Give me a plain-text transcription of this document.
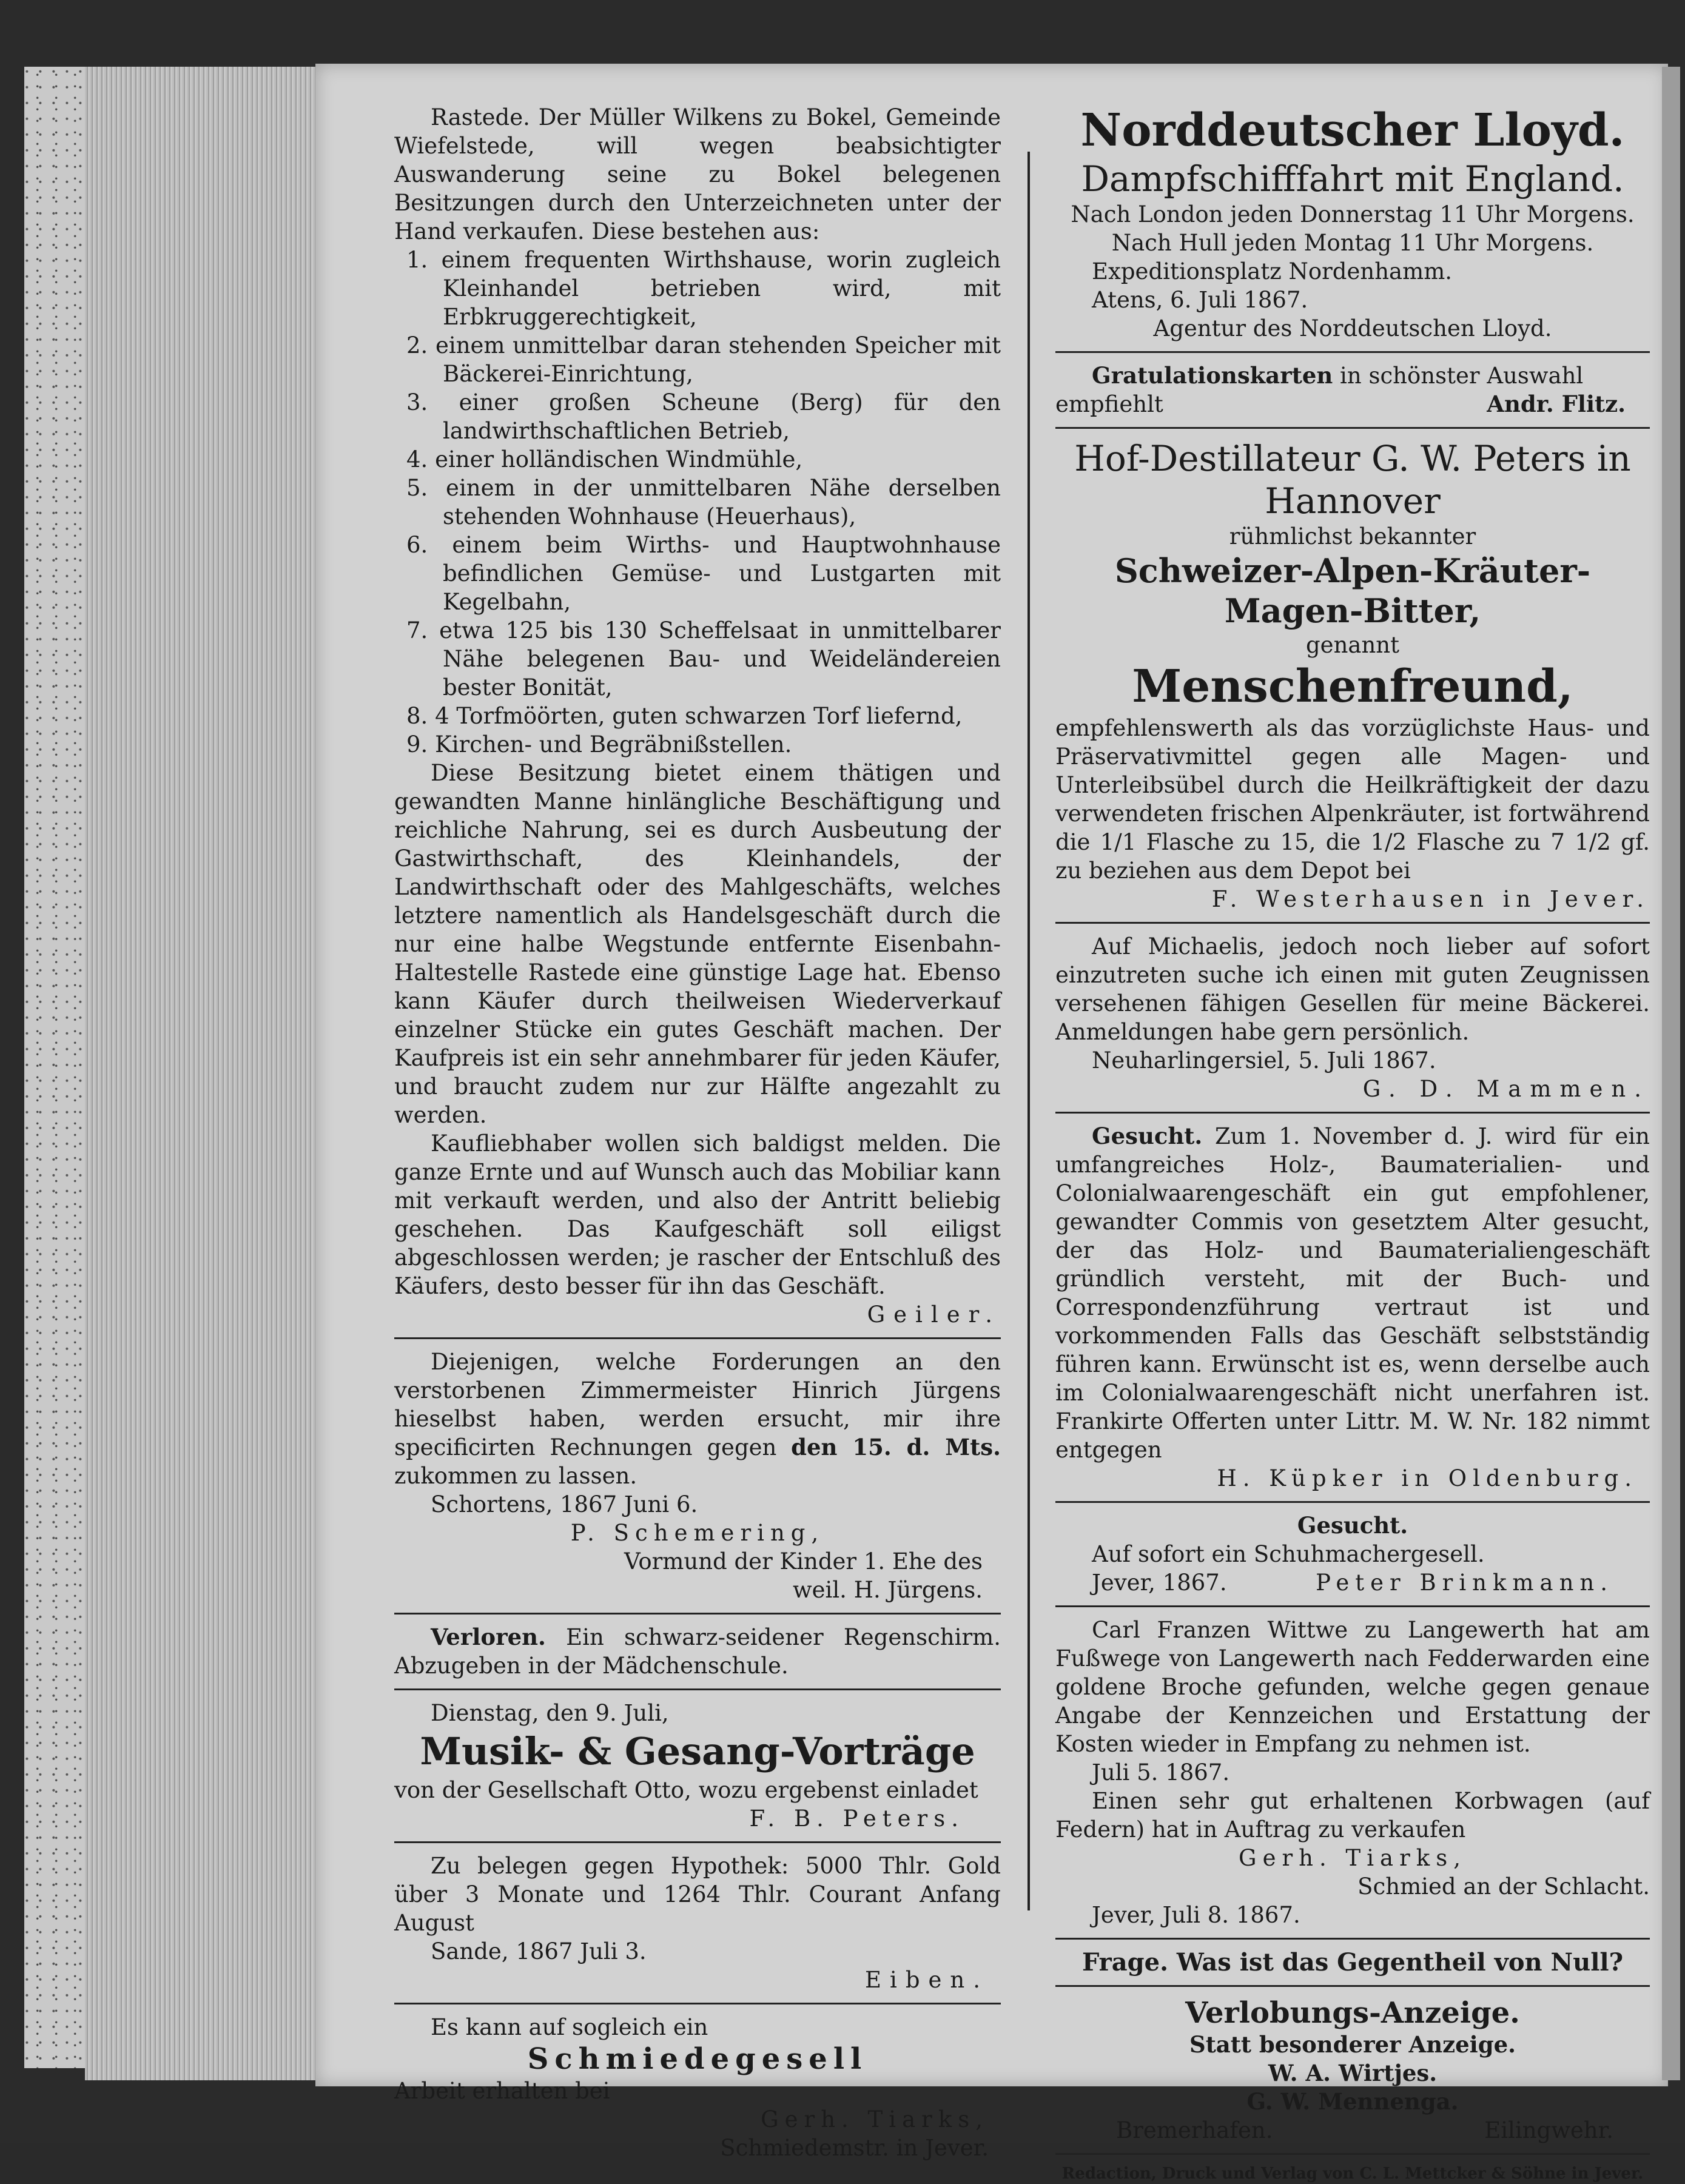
Rastede. Der Müller Wilkens zu Bokel, Gemeinde Wiefelstede, will wegen beabsichtigter Auswanderung seine zu Bokel belegenen Besitzungen durch den Unterzeichneten unter der Hand verkaufen. Diese bestehen aus:

1. einem frequenten Wirthshause, worin zugleich Kleinhandel betrieben wird, mit Erbkruggerechtigkeit,

2. einem unmittelbar daran stehenden Speicher mit Bäckerei-Einrichtung,

3. einer großen Scheune (Berg) für den landwirthschaftlichen Betrieb,

4. einer holländischen Windmühle,

5. einem in der unmittelbaren Nähe derselben stehenden Wohnhause (Heuerhaus),

6. einem beim Wirths- und Hauptwohnhause befindlichen Gemüse- und Lustgarten mit Kegelbahn,

7. etwa 125 bis 130 Scheffelsaat in unmittelbarer Nähe belegenen Bau- und Weideländereien bester Bonität,

8. 4 Torfmöörten, guten schwarzen Torf liefernd,

9. Kirchen- und Begräbnißstellen.

Diese Besitzung bietet einem thätigen und gewandten Manne hinlängliche Beschäftigung und reichliche Nahrung, sei es durch Ausbeutung der Gastwirthschaft, des Kleinhandels, der Landwirthschaft oder des Mahlgeschäfts, welches letztere namentlich als Handelsgeschäft durch die nur eine halbe Wegstunde entfernte Eisenbahn-Haltestelle Rastede eine günstige Lage hat. Ebenso kann Käufer durch theilweisen Wiederverkauf einzelner Stücke ein gutes Geschäft machen. Der Kaufpreis ist ein sehr annehmbarer für jeden Käufer, und braucht zudem nur zur Hälfte angezahlt zu werden.

Kaufliebhaber wollen sich baldigst melden. Die ganze Ernte und auf Wunsch auch das Mobiliar kann mit verkauft werden, und also der Antritt beliebig geschehen. Das Kaufgeschäft soll eiligst abgeschlossen werden; je rascher der Entschluß des Käufers, desto besser für ihn das Geschäft.

Geiler.

Diejenigen, welche Forderungen an den verstorbenen Zimmermeister Hinrich Jürgens hieselbst haben, werden ersucht, mir ihre specificirten Rechnungen gegen den 15. d. Mts. zukommen zu lassen.

Schortens, 1867 Juni 6.

P. Schemering,

Vormund der Kinder 1. Ehe des

weil. H. Jürgens.

Verloren. Ein schwarz-seidener Regenschirm. Abzugeben in der Mädchenschule.

Dienstag, den 9. Juli,

Musik- & Gesang-Vorträge

von der Gesellschaft Otto, wozu ergebenst einladet

F. B. Peters.

Zu belegen gegen Hypothek: 5000 Thlr. Gold über 3 Monate und 1264 Thlr. Courant Anfang August

Sande, 1867 Juli 3.

Eiben.

Es kann auf sogleich ein

Schmiedegesell

Arbeit erhalten bei

Gerh. Tiarks,

Schmiedemstr. in Jever.

Norddeutscher Lloyd.

Dampfschifffahrt mit England.

Nach London jeden Donnerstag 11 Uhr Morgens.

Nach Hull jeden Montag 11 Uhr Morgens.

Expeditionsplatz Nordenhamm.

Atens, 6. Juli 1867.

Agentur des Norddeutschen Lloyd.

Gratulationskarten in schönster Auswahl

empfiehlt	Andr. Flitz.

Hof-Destillateur G. W. Peters in

Hannover

rühmlichst bekannter

Schweizer-Alpen-Kräuter-

Magen-Bitter,

genannt

Menschenfreund,

empfehlenswerth als das vorzüglichste Haus- und Präservativmittel gegen alle Magen- und Unterleibsübel durch die Heilkräftigkeit der dazu verwendeten frischen Alpenkräuter, ist fortwährend die 1/1 Flasche zu 15, die 1/2 Flasche zu 7 1/2 gf. zu beziehen aus dem Depot bei

F. Westerhausen in Jever.

Auf Michaelis, jedoch noch lieber auf sofort einzutreten suche ich einen mit guten Zeugnissen versehenen fähigen Gesellen für meine Bäckerei. Anmeldungen habe gern persönlich.

Neuharlingersiel, 5. Juli 1867.

G. D. Mammen.

Gesucht. Zum 1. November d. J. wird für ein umfangreiches Holz-, Baumaterialien- und Colonialwaarengeschäft ein gut empfohlener, gewandter Commis von gesetztem Alter gesucht, der das Holz- und Baumaterialiengeschäft gründlich versteht, mit der Buch- und Correspondenzführung vertraut ist und vorkommenden Falls das Geschäft selbstständig führen kann. Erwünscht ist es, wenn derselbe auch im Colonialwaarengeschäft nicht unerfahren ist. Frankirte Offerten unter Littr. M. W. Nr. 182 nimmt entgegen

H. Küpker in Oldenburg.

Gesucht.

Auf sofort ein Schuhmachergesell.

Jever, 1867.	Peter Brinkmann.

Carl Franzen Wittwe zu Langewerth hat am Fußwege von Langewerth nach Fedderwarden eine goldene Broche gefunden, welche gegen genaue Angabe der Kennzeichen und Erstattung der Kosten wieder in Empfang zu nehmen ist.

Juli 5. 1867.

Einen sehr gut erhaltenen Korbwagen (auf Federn) hat in Auftrag zu verkaufen

Gerh. Tiarks,

Schmied an der Schlacht.

Jever, Juli 8. 1867.

Frage. Was ist das Gegentheil von Null?

Verlobungs-Anzeige.

Statt besonderer Anzeige.

W. A. Wirtjes.

G. W. Mennenga.

Bremerhafen.	Eilingwehr.

Redaction, Druck und Verlag von C. L. Mettcker & Söhne in Jever.
